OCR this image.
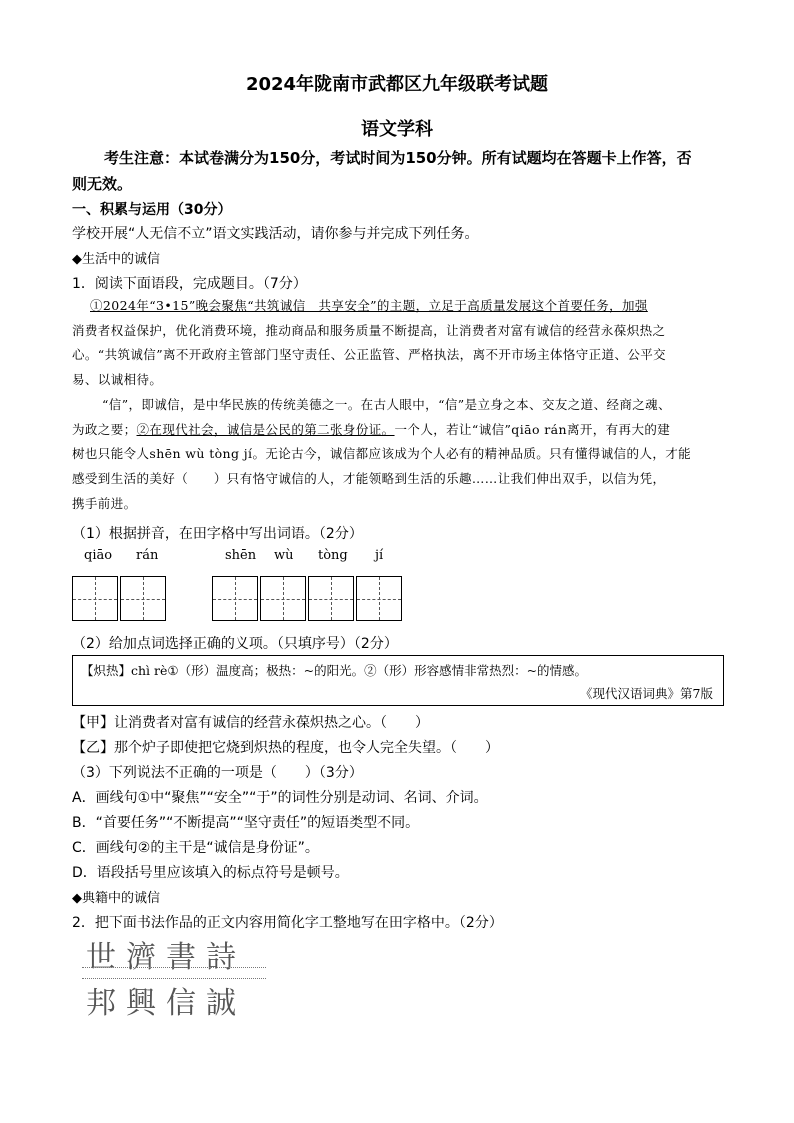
2024年陇南市武都区九年级联考试题
语文学科
考生注意：本试卷满分为150分，考试时间为150分钟。所有试题均在答题卡上作答，否
则无效。
一、积累与运用（30分）
学校开展“人无信不立”语文实践活动，请你参与并完成下列任务。
◆生活中的诚信
1．阅读下面语段，完成题目。（7分）
①2024年“3•15”晚会聚焦“共筑诚信　共享安全”的主题，立足于高质量发展这个首要任务，加强
消费者权益保护，优化消费环境，推动商品和服务质量不断提高，让消费者对富有诚信的经营永葆炽热之
心。“共筑诚信”离不开政府主管部门坚守责任、公正监管、严格执法，离不开市场主体恪守正道、公平交
易、以诚相待。
“信”，即诚信，是中华民族的传统美德之一。在古人眼中，“信”是立身之本、交友之道、经商之魂、
为政之要；②在现代社会，诚信是公民的第二张身份证。一个人，若让“诚信”qiāo rán离开，有再大的建
树也只能令人shēn wù tòng jí。无论古今，诚信都应该成为个人必有的精神品质。只有懂得诚信的人，才能
感受到生活的美好（　　）只有恪守诚信的人，才能领略到生活的乐趣……让我们伸出双手，以信为凭，
携手前进。
（1）根据拼音，在田字格中写出词语。（2分）
qiāo rán	shēn wù tòng jí
（2）给加点词选择正确的义项。（只填序号）（2分）
【炽热】chì rè①（形）温度高；极热：~的阳光。②（形）形容感情非常热烈：~的情感。
《现代汉语词典》第7版
【甲】让消费者对富有诚信的经营永葆炽热之心。（　　）
【乙】那个炉子即使把它烧到炽热的程度，也令人完全失望。（　　）
（3）下列说法不正确的一项是（　　）（3分）
A．画线句①中“聚焦”“安全”“于”的词性分别是动词、名词、介词。
B．“首要任务”“不断提高”“坚守责任”的短语类型不同。
C．画线句②的主干是“诚信是身份证”。
D．语段括号里应该填入的标点符号是顿号。
◆典籍中的诚信
2．把下面书法作品的正文内容用简化字工整地写在田字格中。（2分）
世濟書詩
邦興信誠
